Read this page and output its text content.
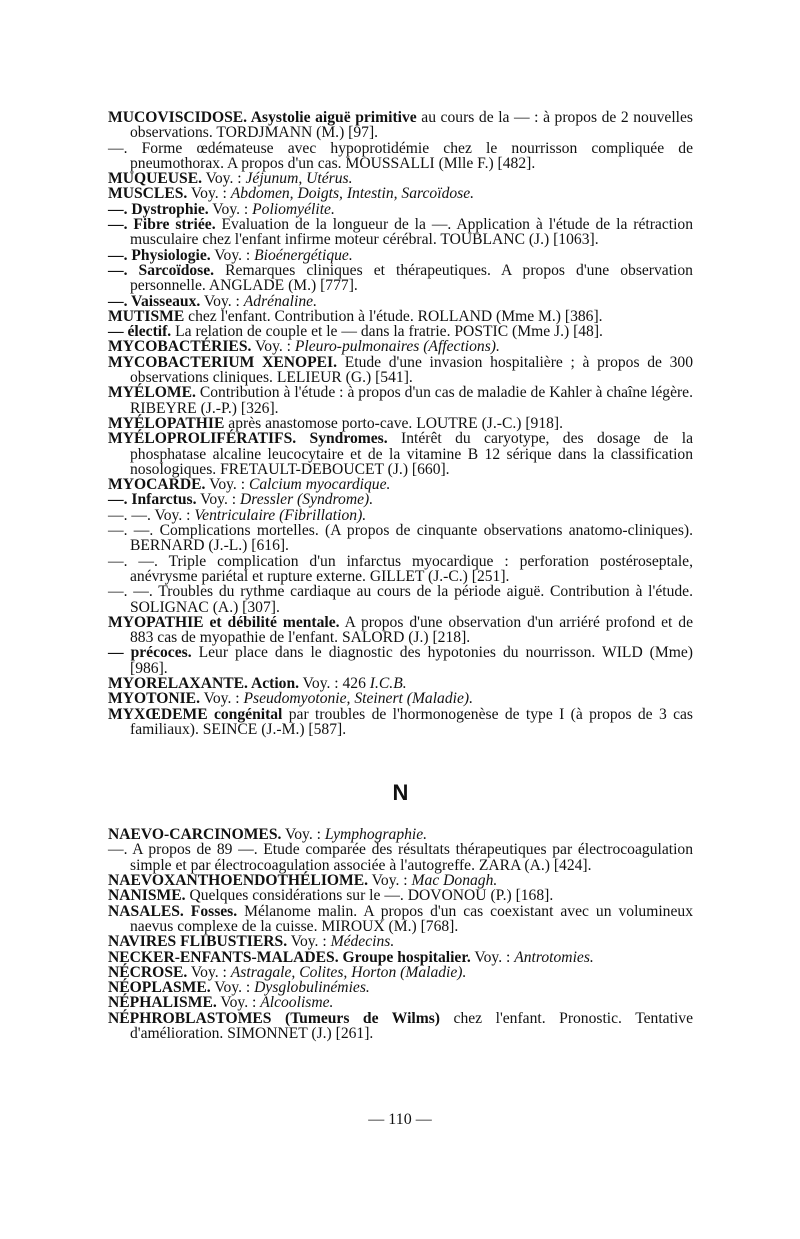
MUCOVISCIDOSE. Asystolie aiguë primitive au cours de la — : à propos de 2 nouvelles observations. TORDJMANN (M.) [97].

—. Forme œdémateuse avec hypoprotidémie chez le nourrisson compliquée de pneumothorax. A propos d'un cas. MOUSSALLI (Mlle F.) [482].

MUQUEUSE. Voy. : Jéjunum, Utérus.

MUSCLES. Voy. : Abdomen, Doigts, Intestin, Sarcoïdose.

—. Dystrophie. Voy. : Poliomyélite.

—. Fibre striée. Evaluation de la longueur de la —. Application à l'étude de la rétraction musculaire chez l'enfant infirme moteur cérébral. TOUBLANC (J.) [1063].

—. Physiologie. Voy. : Bioénergétique.

—. Sarcoïdose. Remarques cliniques et thérapeutiques. A propos d'une observation personnelle. ANGLADE (M.) [777].

—. Vaisseaux. Voy. : Adrénaline.

MUTISME chez l'enfant. Contribution à l'étude. ROLLAND (Mme M.) [386].

— électif. La relation de couple et le — dans la fratrie. POSTIC (Mme J.) [48].

MYCOBACTÉRIES. Voy. : Pleuro-pulmonaires (Affections).

MYCOBACTERIUM XENOPEI. Etude d'une invasion hospitalière ; à propos de 300 observations cliniques. LELIEUR (G.) [541].

MYÉLOME. Contribution à l'étude : à propos d'un cas de maladie de Kahler à chaîne légère. RIBEYRE (J.-P.) [326].

MYÉLOPATHIE après anastomose porto-cave. LOUTRE (J.-C.) [918].

MYÉLOPROLIFÉRATIFS. Syndromes. Intérêt du caryotype, des dosage de la phosphatase alcaline leucocytaire et de la vitamine B 12 sérique dans la classification nosologiques. FRETAULT-DEBOUCET (J.) [660].

MYOCARDE. Voy. : Calcium myocardique.

—. Infarctus. Voy. : Dressler (Syndrome).

—. —. Voy. : Ventriculaire (Fibrillation).

—. —. Complications mortelles. (A propos de cinquante observations anatomo-cliniques). BERNARD (J.-L.) [616].

—. —. Triple complication d'un infarctus myocardique : perforation postéroseptale, anévrysme pariétal et rupture externe. GILLET (J.-C.) [251].

—. —. Troubles du rythme cardiaque au cours de la période aiguë. Contribution à l'étude. SOLIGNAC (A.) [307].

MYOPATHIE et débilité mentale. A propos d'une observation d'un arriéré profond et de 883 cas de myopathie de l'enfant. SALORD (J.) [218].

— précoces. Leur place dans le diagnostic des hypotonies du nourrisson. WILD (Mme) [986].

MYORELAXANTE. Action. Voy. : 426 I.C.B.

MYOTONIE. Voy. : Pseudomyotonie, Steinert (Maladie).

MYXŒDEME congénital par troubles de l'hormonogenèse de type I (à propos de 3 cas familiaux). SEINCE (J.-M.) [587].

N

NAEVO-CARCINOMES. Voy. : Lymphographie.

—. A propos de 89 —. Etude comparée des résultats thérapeutiques par électrocoagulation simple et par électrocoagulation associée à l'autogreffe. ZARA (A.) [424].

NAEVOXANTHOENDOTHÉLIOME. Voy. : Mac Donagh.

NANISME. Quelques considérations sur le —. DOVONOU (P.) [168].

NASALES. Fosses. Mélanome malin. A propos d'un cas coexistant avec un volumineux naevus complexe de la cuisse. MIROUX (M.) [768].

NAVIRES FLIBUSTIERS. Voy. : Médecins.

NECKER-ENFANTS-MALADES. Groupe hospitalier. Voy. : Antrotomies.

NÉCROSE. Voy. : Astragale, Colites, Horton (Maladie).

NÉOPLASME. Voy. : Dysglobulinémies.

NÉPHALISME. Voy. : Alcoolisme.

NÉPHROBLASTOMES (Tumeurs de Wilms) chez l'enfant. Pronostic. Tentative d'amélioration. SIMONNET (J.) [261].

— 110 —
